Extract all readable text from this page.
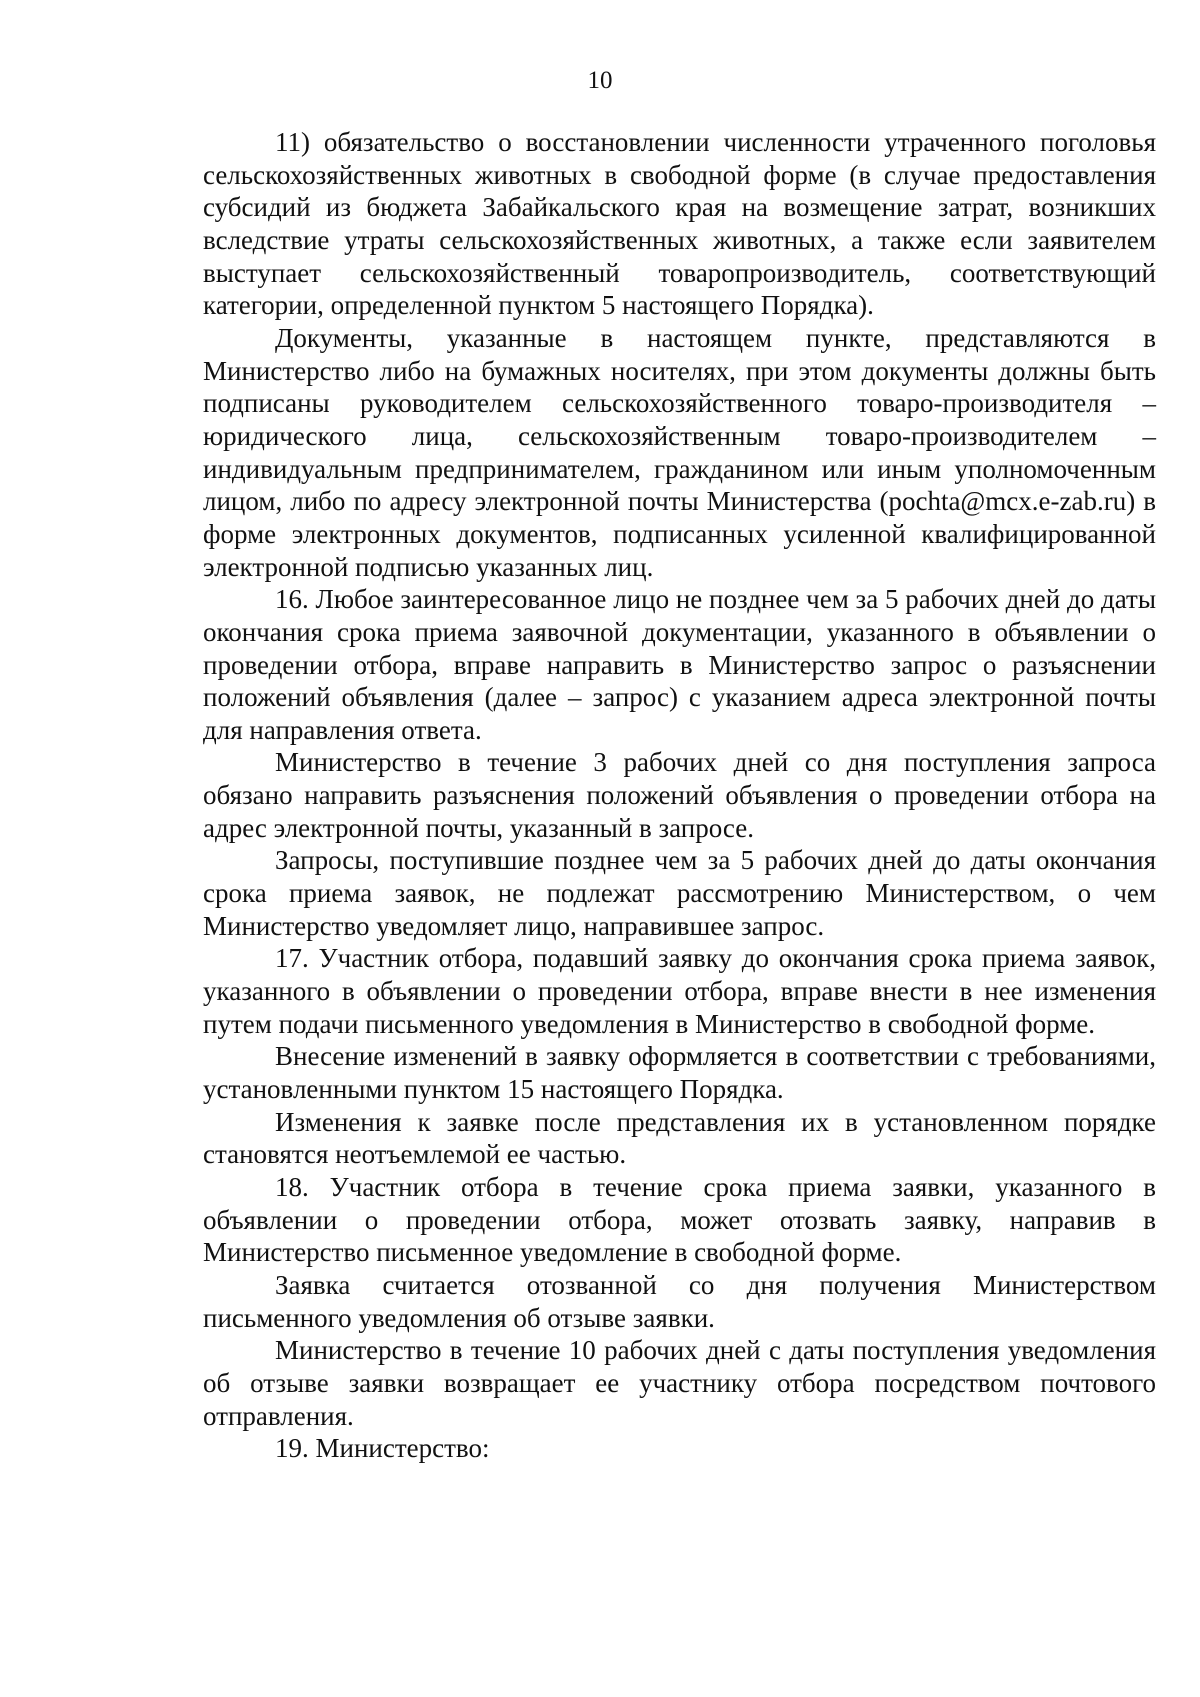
10

11) обязательство о восстановлении численности утраченного поголовья сельскохозяйственных животных в свободной форме (в случае предоставления субсидий из бюджета Забайкальского края на возмещение затрат, возникших вследствие утраты сельскохозяйственных животных, а также если заявителем выступает сельскохозяйственный товаропроизводитель, соответствующий категории, определенной пунктом 5 настоящего Порядка).

Документы, указанные в настоящем пункте, представляются в Министерство либо на бумажных носителях, при этом документы должны быть подписаны руководителем сельскохозяйственного товаро-производителя – юридического лица, сельскохозяйственным товаро-производителем – индивидуальным предпринимателем, гражданином или иным уполномоченным лицом, либо по адресу электронной почты Министерства (pochta@mcx.e-zab.ru) в форме электронных документов, подписанных усиленной квалифицированной электронной подписью указанных лиц.

16. Любое заинтересованное лицо не позднее чем за 5 рабочих дней до даты окончания срока приема заявочной документации, указанного в объявлении о проведении отбора, вправе направить в Министерство запрос о разъяснении положений объявления (далее – запрос) с указанием адреса электронной почты для направления ответа.

Министерство в течение 3 рабочих дней со дня поступления запроса обязано направить разъяснения положений объявления о проведении отбора на адрес электронной почты, указанный в запросе.

Запросы, поступившие позднее чем за 5 рабочих дней до даты окончания срока приема заявок, не подлежат рассмотрению Министерством, о чем Министерство уведомляет лицо, направившее запрос.

17. Участник отбора, подавший заявку до окончания срока приема заявок, указанного в объявлении о проведении отбора, вправе внести в нее изменения путем подачи письменного уведомления в Министерство в свободной форме.

Внесение изменений в заявку оформляется в соответствии с требованиями, установленными пунктом 15 настоящего Порядка.

Изменения к заявке после представления их в установленном порядке становятся неотъемлемой ее частью.

18. Участник отбора в течение срока приема заявки, указанного в объявлении о проведении отбора, может отозвать заявку, направив в Министерство письменное уведомление в свободной форме.

Заявка считается отозванной со дня получения Министерством письменного уведомления об отзыве заявки.

Министерство в течение 10 рабочих дней с даты поступления уведомления об отзыве заявки возвращает ее участнику отбора посредством почтового отправления.

19. Министерство:
